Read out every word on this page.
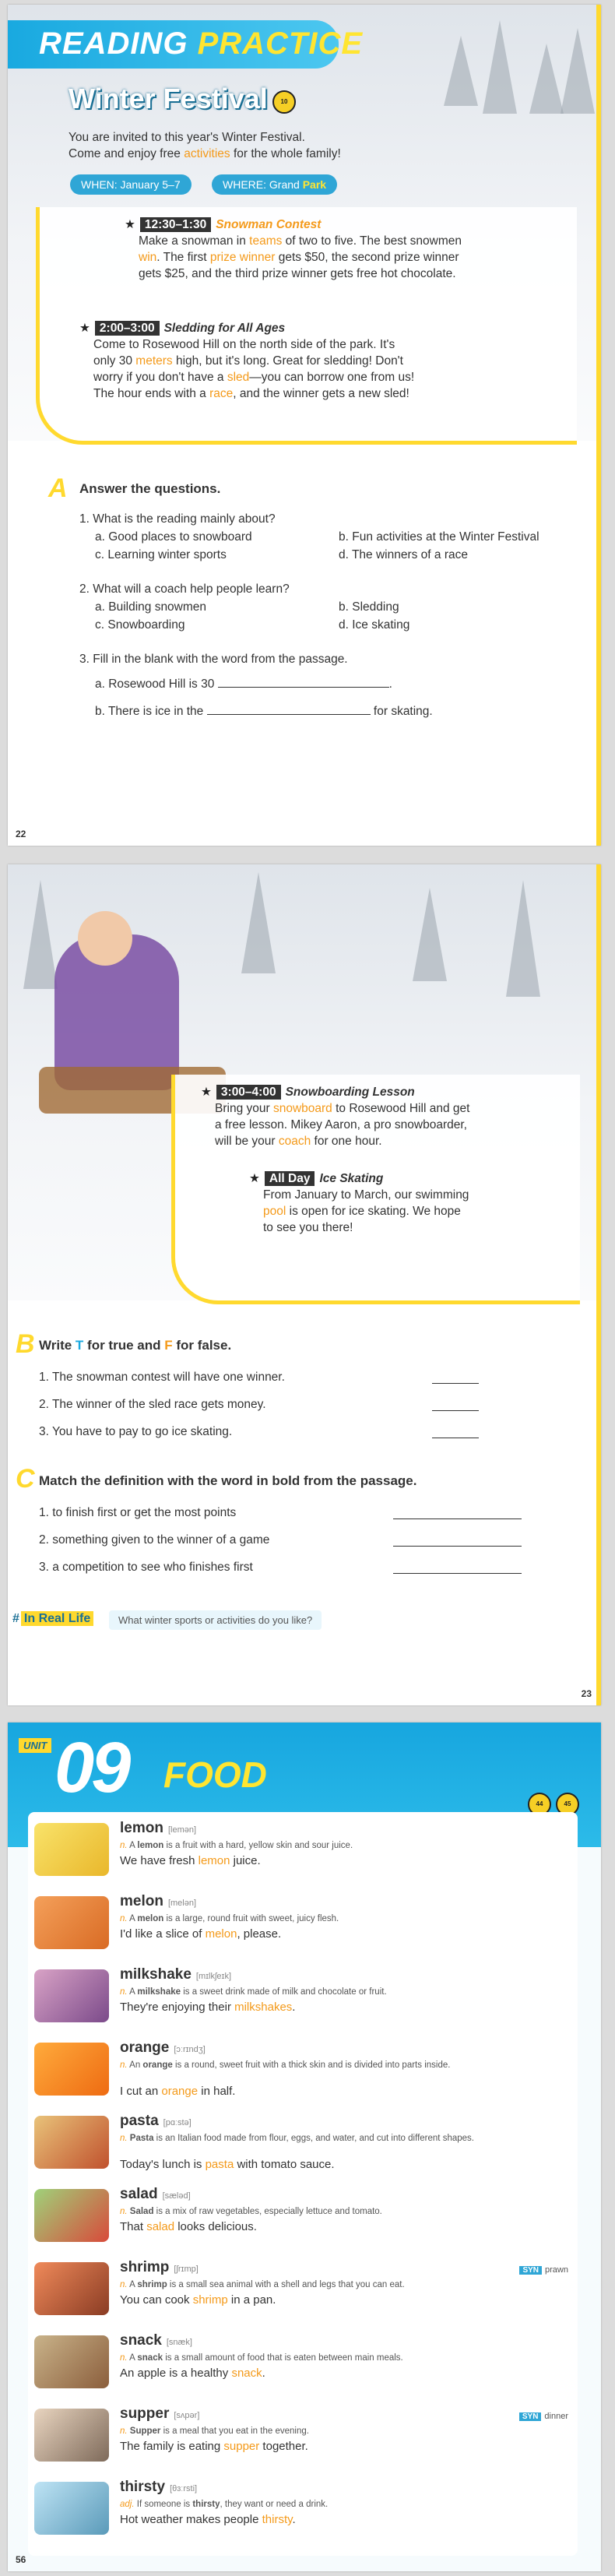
READING PRACTICE
Winter Festival	10
You are invited to this year's Winter Festival.
Come and enjoy free activities for the whole family!
WHEN: January 5–7	WHERE: Grand Park
★ 12:30–1:30 Snowman Contest
Make a snowman in teams of two to five. The best snowmen
win. The first prize winner gets $50, the second prize winner
gets $25, and the third prize winner gets free hot chocolate.
★ 2:00–3:00 Sledding for All Ages
Come to Rosewood Hill on the north side of the park. It's
only 30 meters high, but it's long. Great for sledding! Don't
worry if you don't have a sled—you can borrow one from us!
The hour ends with a race, and the winner gets a new sled!
A Answer the questions.
1. What is the reading mainly about?
a. Good places to snowboard	b. Fun activities at the Winter Festival
c. Learning winter sports	d. The winners of a race
2. What will a coach help people learn?
a. Building snowmen	b. Sledding
c. Snowboarding	d. Ice skating
3. Fill in the blank with the word from the passage.
a. Rosewood Hill is 30	.
b. There is ice in the	for skating.
22
★ 3:00–4:00 Snowboarding Lesson
Bring your snowboard to Rosewood Hill and get
a free lesson. Mikey Aaron, a pro snowboarder,
will be your coach for one hour.
★ All Day Ice Skating
From January to March, our swimming
pool is open for ice skating. We hope
to see you there!
B Write T for true and F for false.
1. The snowman contest will have one winner.
2. The winner of the sled race gets money.
3. You have to pay to go ice skating.
C Match the definition with the word in bold from the passage.
1. to finish first or get the most points
2. something given to the winner of a game
3. a competition to see who finishes first
# In Real Life	What winter sports or activities do you like?
23
UNIT 09 FOOD
44	45
lemon [lemən]
n. A lemon is a fruit with a hard, yellow skin and sour juice.
We have fresh lemon juice.
melon [melən]
n. A melon is a large, round fruit with sweet, juicy flesh.
I'd like a slice of melon, please.
milkshake [mɪlkʃeɪk]
n. A milkshake is a sweet drink made of milk and chocolate or fruit.
They're enjoying their milkshakes.
orange [ɔːrɪndʒ]
n. An orange is a round, sweet fruit with a thick skin and is divided into parts inside.
I cut an orange in half.
pasta [pɑːstə]
n. Pasta is an Italian food made from flour, eggs, and water, and cut into different shapes.
Today's lunch is pasta with tomato sauce.
salad [sæləd]
n. Salad is a mix of raw vegetables, especially lettuce and tomato.
That salad looks delicious.
shrimp [ʃrɪmp]
n. A shrimp is a small sea animal with a shell and legs that you can eat.
You can cook shrimp in a pan.
SYN prawn
snack [snæk]
n. A snack is a small amount of food that is eaten between main meals.
An apple is a healthy snack.
supper [sʌpər]
n. Supper is a meal that you eat in the evening.
The family is eating supper together.
SYN dinner
thirsty [θɜːrsti]
adj. If someone is thirsty, they want or need a drink.
Hot weather makes people thirsty.
56
